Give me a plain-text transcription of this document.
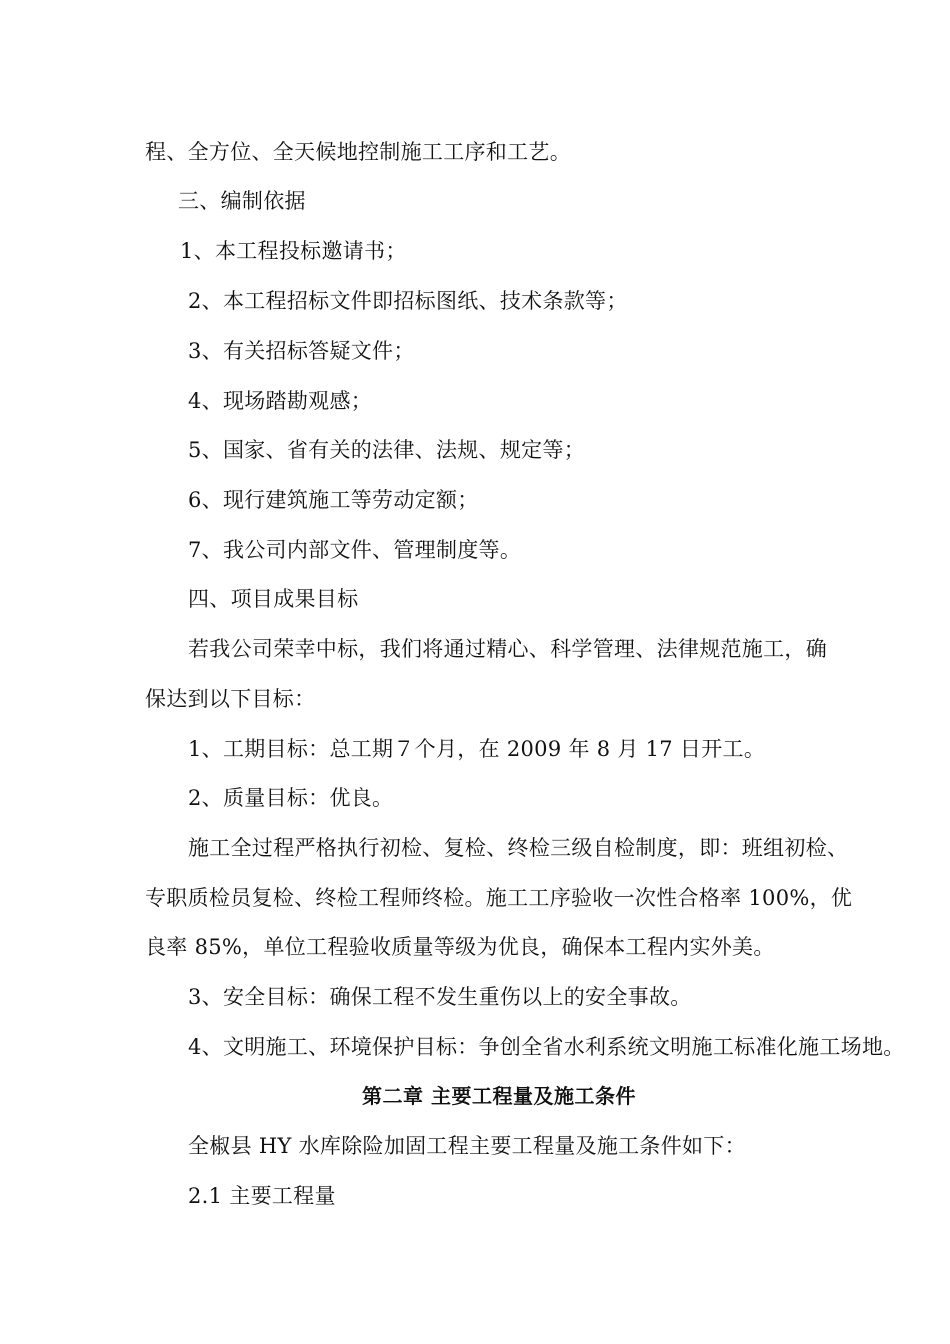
程、全方位、全天候地控制施工工序和工艺。
三、编制依据
1、本工程投标邀请书；
2、本工程招标文件即招标图纸、技术条款等；
3、有关招标答疑文件；
4、现场踏勘观感；
5、国家、省有关的法律、法规、规定等；
6、现行建筑施工等劳动定额；
7、我公司内部文件、管理制度等。
四、项目成果目标
若我公司荣幸中标，我们将通过精心、科学管理、法律规范施工，确
保达到以下目标：
1、工期目标：总工期７个月，在 2009 年 8 月 17 日开工。
2、质量目标：优良。
施工全过程严格执行初检、复检、终检三级自检制度，即：班组初检、
专职质检员复检、终检工程师终检。施工工序验收一次性合格率 100%，优
良率 85%，单位工程验收质量等级为优良，确保本工程内实外美。
3、安全目标：确保工程不发生重伤以上的安全事故。
4、文明施工、环境保护目标：争创全省水利系统文明施工标准化施工场地。
第二章 主要工程量及施工条件
全椒县 HY 水库除险加固工程主要工程量及施工条件如下：
2.1 主要工程量
